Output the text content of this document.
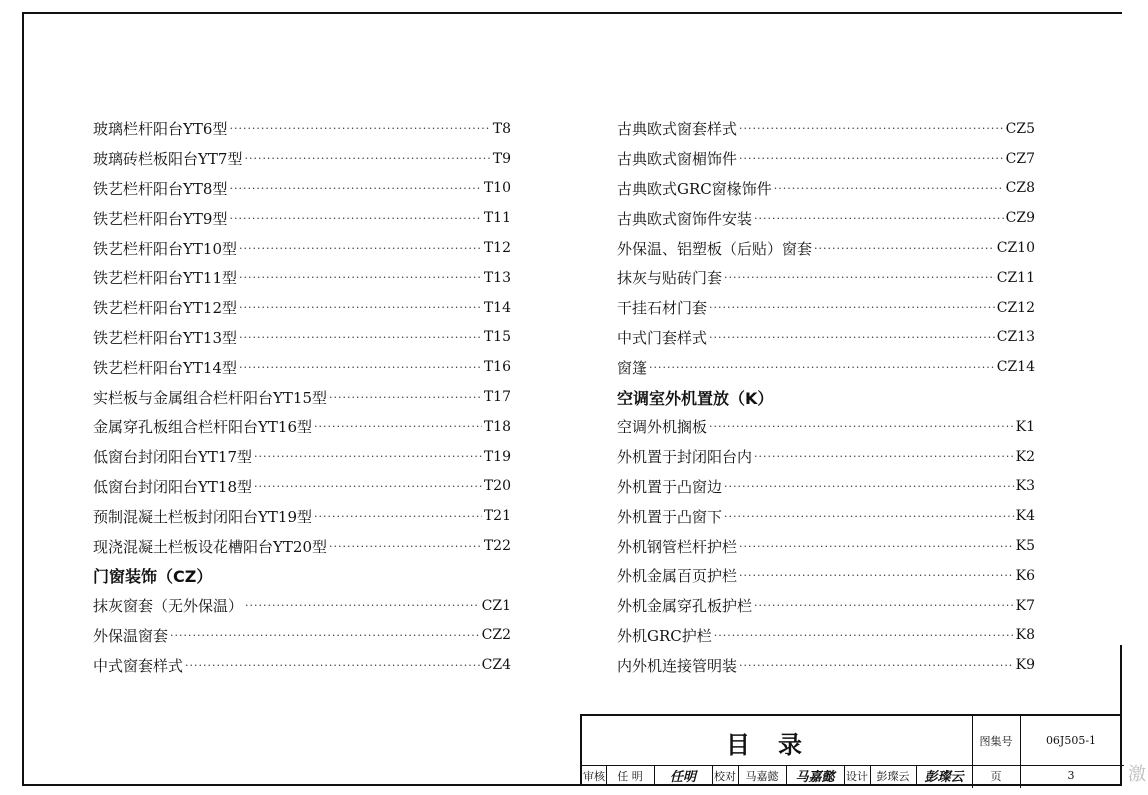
玻璃栏杆阳台YT6型 ·····	T8
玻璃砖栏板阳台YT7型 ·····	T9
铁艺栏杆阳台YT8型 ·····	T10
铁艺栏杆阳台YT9型 ·····	T11
铁艺栏杆阳台YT10型 ·····	T12
铁艺栏杆阳台YT11型 ·····	T13
铁艺栏杆阳台YT12型 ·····	T14
铁艺栏杆阳台YT13型 ·····	T15
铁艺栏杆阳台YT14型 ·····	T16
实栏板与金属组合栏杆阳台YT15型 ·····	T17
金属穿孔板组合栏杆阳台YT16型 ·····	T18
低窗台封闭阳台YT17型 ·····	T19
低窗台封闭阳台YT18型 ·····	T20
预制混凝土栏板封闭阳台YT19型 ·····	T21
现浇混凝土栏板设花槽阳台YT20型 ·····	T22
门窗装饰（CZ）
抹灰窗套（无外保温） ·····	CZ1
外保温窗套 ·····	CZ2
中式窗套样式 ·····	CZ4
古典欧式窗套样式 ·····	CZ5
古典欧式窗楣饰件 ·····	CZ7
古典欧式GRC窗椽饰件 ·····	CZ8
古典欧式窗饰件安装 ·····	CZ9
外保温、铝塑板（后贴）窗套 ·····	CZ10
抹灰与贴砖门套 ·····	CZ11
干挂石材门套 ·····	CZ12
中式门套样式 ·····	CZ13
窗篷 ·····	CZ14
空调室外机置放（K）
空调外机搁板 ·····	K1
外机置于封闭阳台内 ·····	K2
外机置于凸窗边 ·····	K3
外机置于凸窗下 ·····	K4
外机钢管栏杆护栏 ·····	K5
外机金属百页护栏 ·····	K6
外机金属穿孔板护栏 ·····	K7
外机GRC护栏 ·····	K8
内外机连接管明装 ·····	K9
目录	图集号	06J505-1
页	3
审核	任 明	任明	校对 马嘉懿	马嘉懿	设计 彭璨云	彭璨云	激
